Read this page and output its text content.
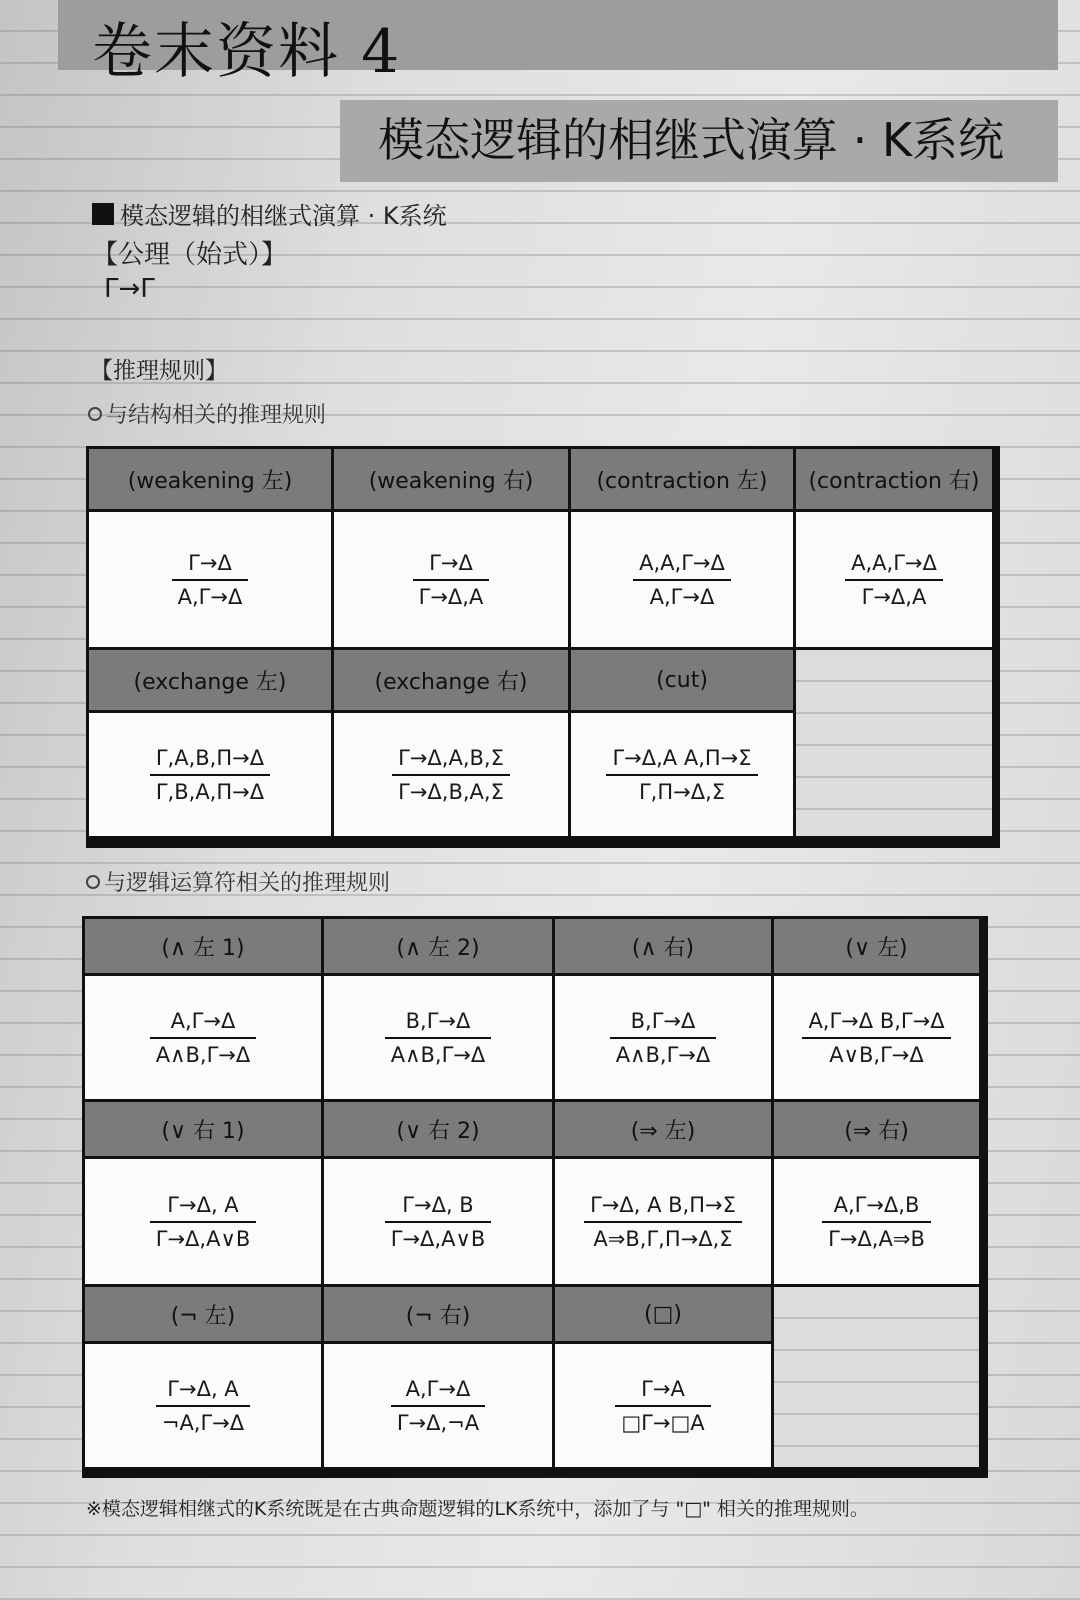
卷末资料 4
模态逻辑的相继式演算 · K系统
模态逻辑的相继式演算 · K系统
【公理（始式）】
Γ→Γ
【推理规则】
与结构相关的推理规则
(weakening 左)
$\frac{\Gamma\to\Delta}{A,\Gamma\to\Delta}$
(weakening 右)
$\frac{\Gamma\to\Delta}{\Gamma\to\Delta,A}$
(contraction 左)
$\frac{A,A,\Gamma\to\Delta}{A,\Gamma\to\Delta}$
(contraction 右)
$\frac{A,A,\Gamma\to\Delta}{\Gamma\to\Delta,A}$
(exchange 左)
$\frac{\Gamma,A,B,\Pi\to\Delta}{\Gamma,B,A,\Pi\to\Delta}$
(exchange 右)
$\frac{\Gamma\to\Delta,A,B,\Sigma}{\Gamma\to\Delta,B,A,\Sigma}$
(cut)
$\frac{\text{Γ→Δ,A A,Π→Σ}}{\Gamma,\Pi\to\Delta,\Sigma}$
与逻辑运算符相关的推理规则
(∧ 左 1)
$\frac{A,\Gamma\to\Delta}{A\wedge B,\Gamma\to\Delta}$
(∧ 左 2)
$\frac{B,\Gamma\to\Delta}{A\wedge B,\Gamma\to\Delta}$
(∧ 右)
$\frac{B,\Gamma\to\Delta}{A\wedge B,\Gamma\to\Delta}$
(∨ 左)
$\frac{\text{A,Γ→Δ B,Γ→Δ}}{A\vee B,\Gamma\to\Delta}$
(∨ 右 1)
$\frac{\Gamma\to\Delta, A}{\Gamma\to\Delta,A\vee B}$
(∨ 右 2)
$\frac{\Gamma\to\Delta, B}{\Gamma\to\Delta,A\vee B}$
(⇒ 左)
$\frac{\text{Γ→Δ, A B,Π→Σ}}{A\Rightarrow B,\Gamma,\Pi\to\Delta,\Sigma}$
(⇒ 右)
$\frac{A,\Gamma\to\Delta,B}{\Gamma\to\Delta,A\Rightarrow B}$
(¬ 左)
$\frac{\Gamma\to\Delta, A}{\neg A,\Gamma\to\Delta}$
(¬ 右)
$\frac{A,\Gamma\to\Delta}{\Gamma\to\Delta,\neg A}$
(□)
$\frac{\Gamma\to A}{□\Gamma\to□A}$
※模态逻辑相继式的K系统既是在古典命题逻辑的LK系统中，添加了与 "□" 相关的推理规则。
